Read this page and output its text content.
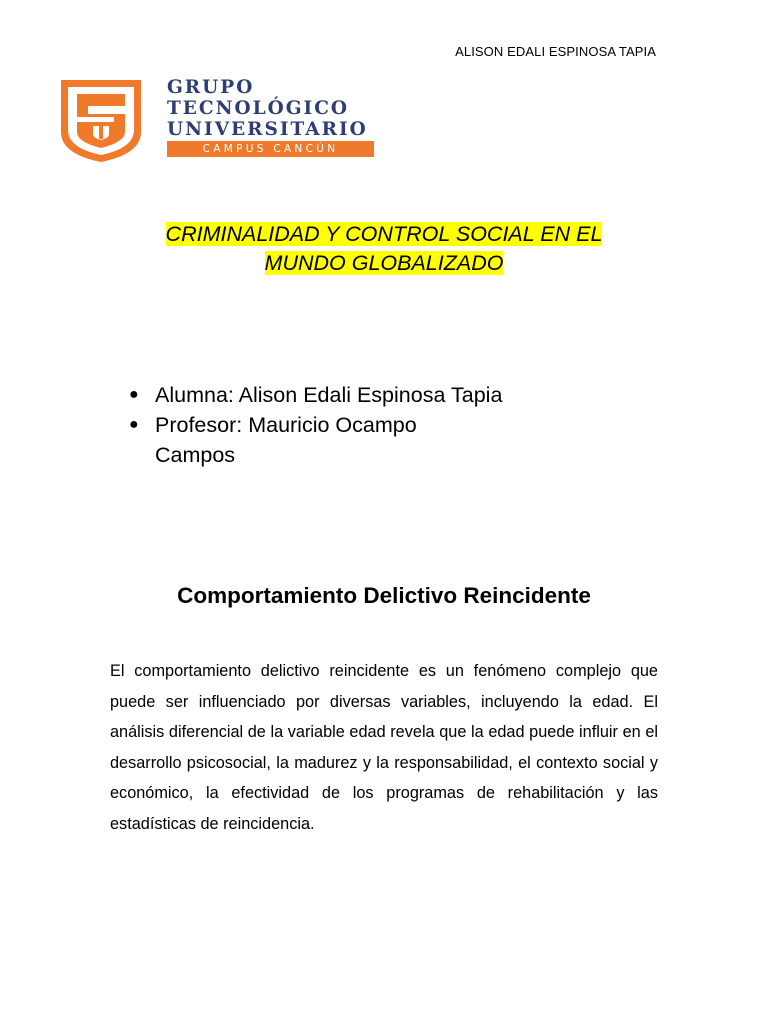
ALISON EDALI ESPINOSA TAPIA
GRUPO
TECNOLÓGICO
UNIVERSITARIO
CAMPUS CANCÚN
CRIMINALIDAD Y CONTROL SOCIAL EN EL
MUNDO GLOBALIZADO
● Alumna: Alison Edali Espinosa Tapia
● Profesor: Mauricio Ocampo Campos
Comportamiento Delictivo Reincidente

El comportamiento delictivo reincidente es un fenómeno complejo que puede ser influenciado por diversas variables, incluyendo la edad. El análisis diferencial de la variable edad revela que la edad puede influir en el desarrollo psicosocial, la madurez y la responsabilidad, el contexto social y económico, la efectividad de los programas de rehabilitación y las estadísticas de reincidencia.
